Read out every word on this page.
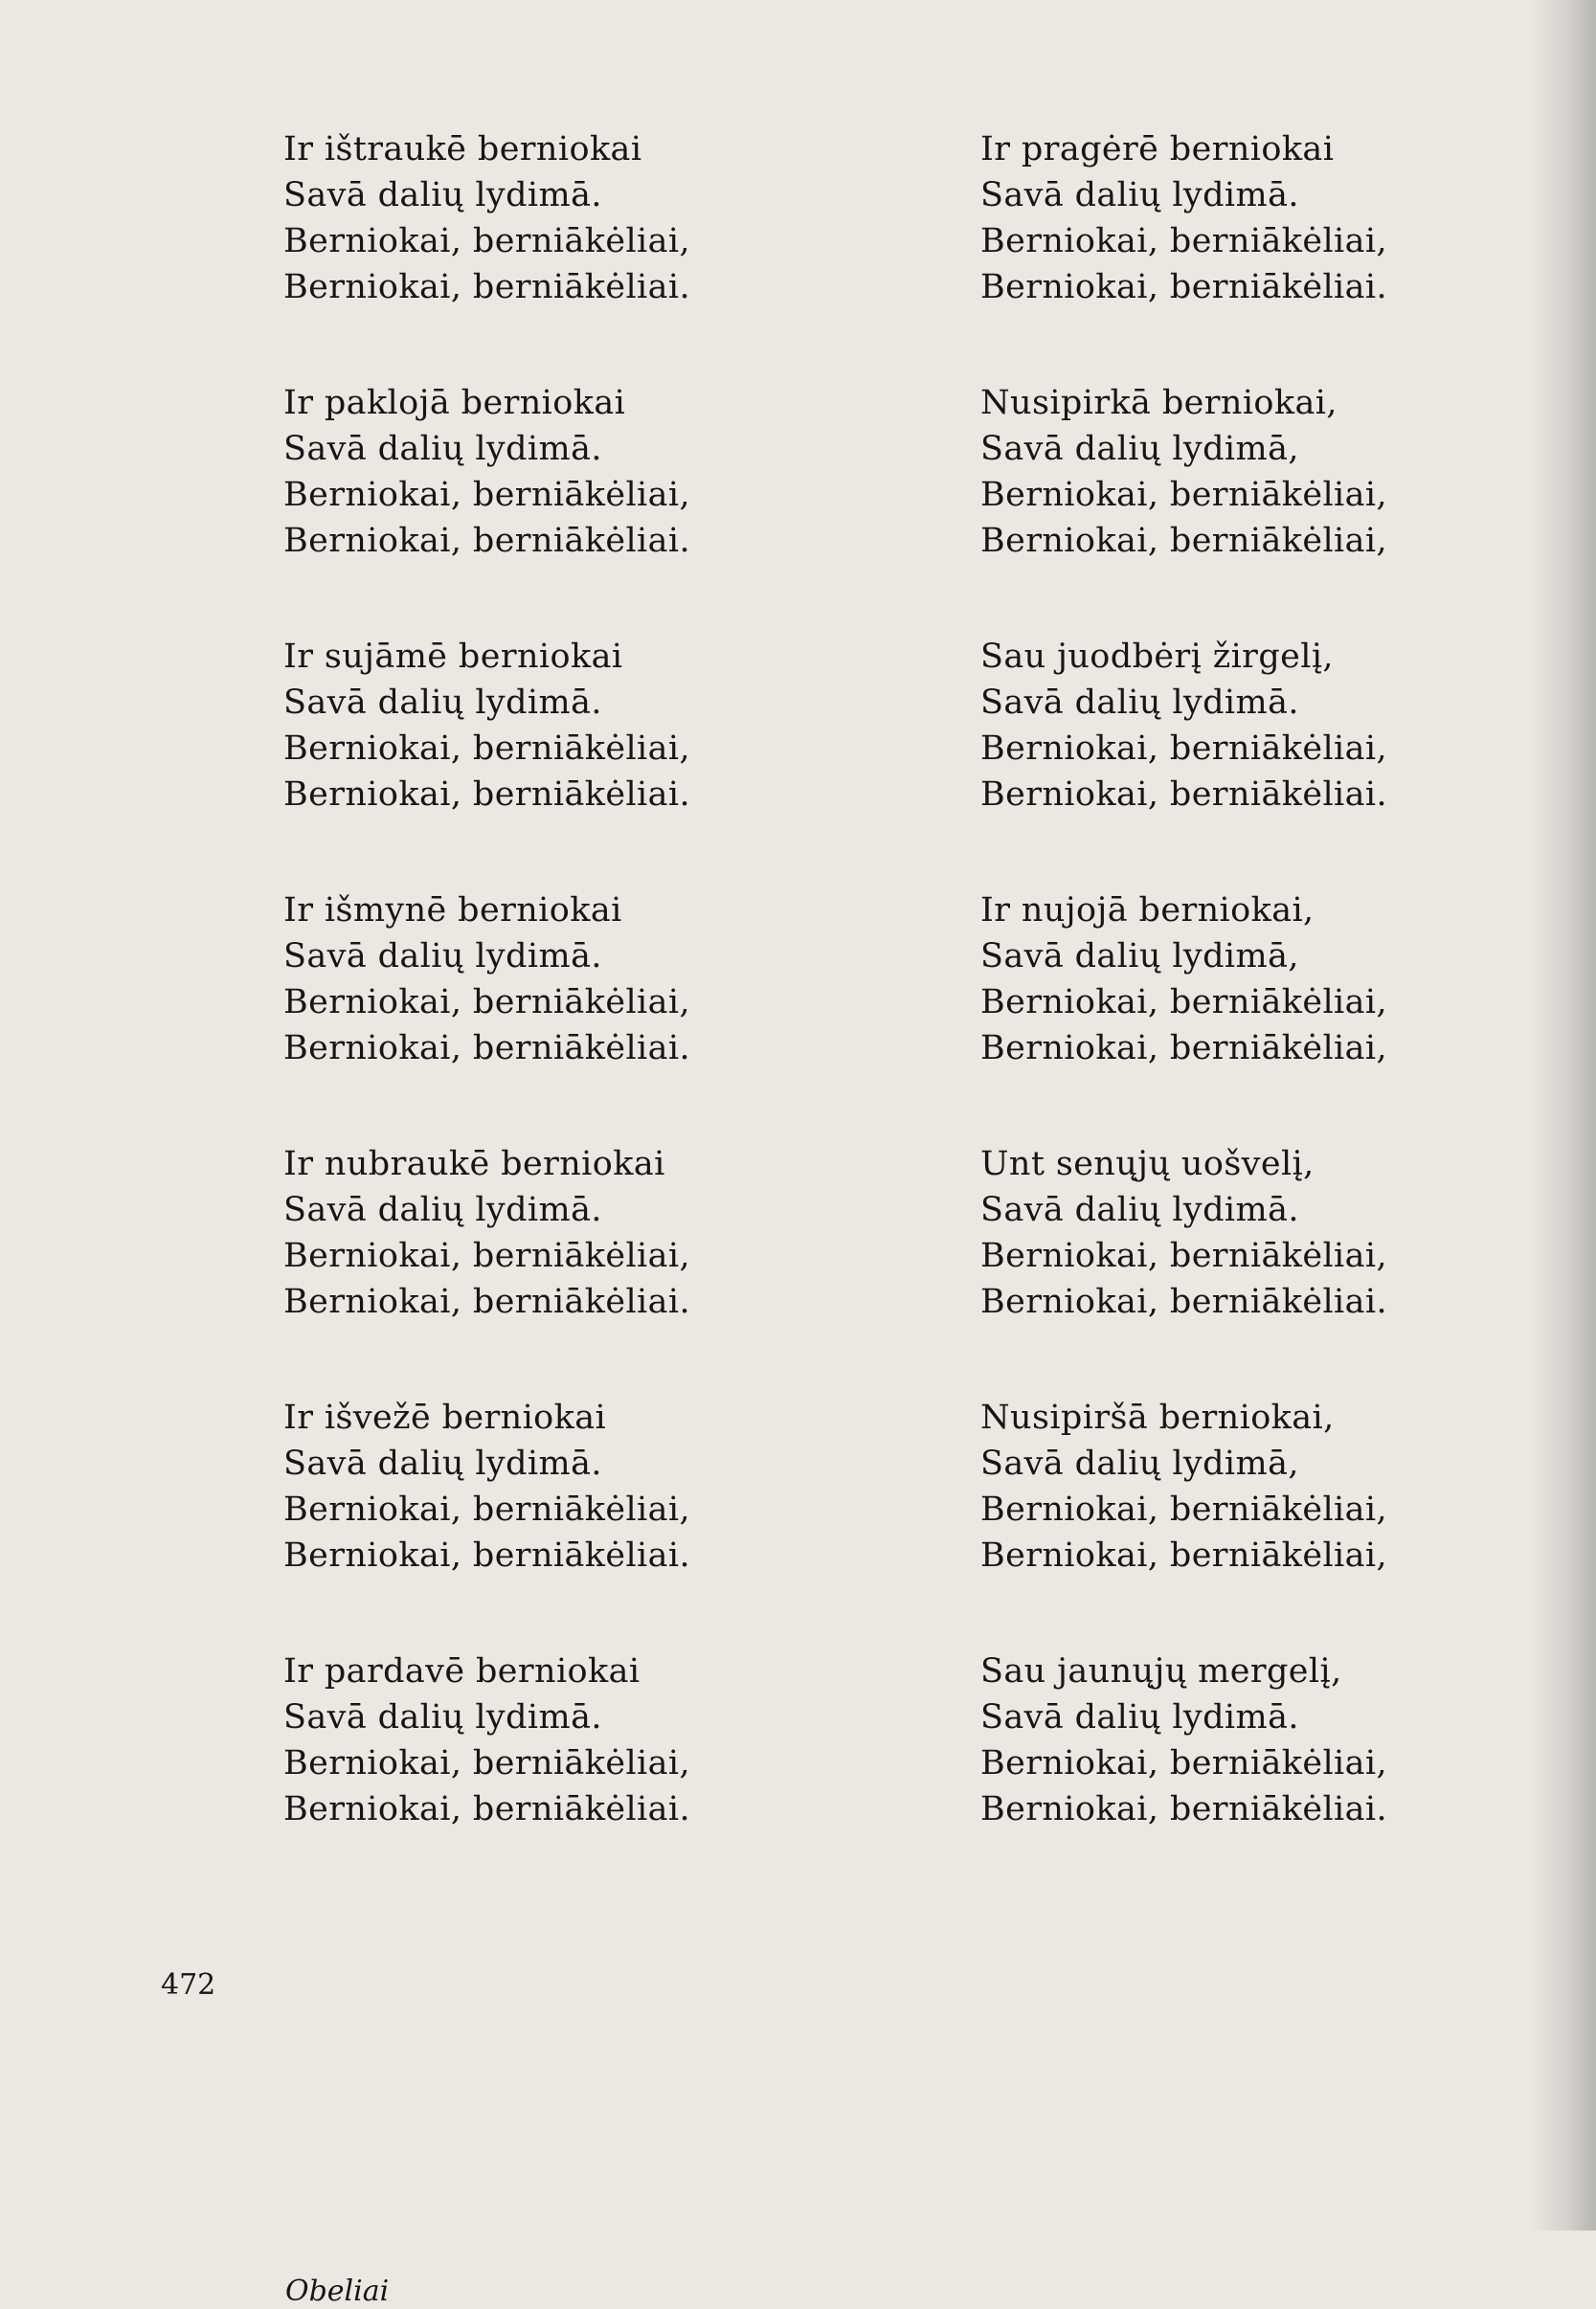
Ir ištraukē berniokai
Savā dalių lydimā.
Berniokai, berniākėliai,
Berniokai, berniākėliai.
Ir paklojā berniokai
Savā dalių lydimā.
Berniokai, berniākėliai,
Berniokai, berniākėliai.
Ir sujāmē berniokai
Savā dalių lydimā.
Berniokai, berniākėliai,
Berniokai, berniākėliai.
Ir išmynē berniokai
Savā dalių lydimā.
Berniokai, berniākėliai,
Berniokai, berniākėliai.
Ir nubraukē berniokai
Savā dalių lydimā.
Berniokai, berniākėliai,
Berniokai, berniākėliai.
Ir išvežē berniokai
Savā dalių lydimā.
Berniokai, berniākėliai,
Berniokai, berniākėliai.
Ir pardavē berniokai
Savā dalių lydimā.
Berniokai, berniākėliai,
Berniokai, berniākėliai.
Ir pragėrē berniokai
Savā dalių lydimā.
Berniokai, berniākėliai,
Berniokai, berniākėliai.
Nusipirkā berniokai,
Savā dalių lydimā,
Berniokai, berniākėliai,
Berniokai, berniākėliai,
Sau juodbėrį žirgelį,
Savā dalių lydimā.
Berniokai, berniākėliai,
Berniokai, berniākėliai.
Ir nujojā berniokai,
Savā dalių lydimā,
Berniokai, berniākėliai,
Berniokai, berniākėliai,
Unt senųjų uošvelį,
Savā dalių lydimā.
Berniokai, berniākėliai,
Berniokai, berniākėliai.
Nusipiršā berniokai,
Savā dalių lydimā,
Berniokai, berniākėliai,
Berniokai, berniākėliai,
Sau jaunųjų mergelį,
Savā dalių lydimā.
Berniokai, berniākėliai,
Berniokai, berniākėliai.
Obeliai
472
